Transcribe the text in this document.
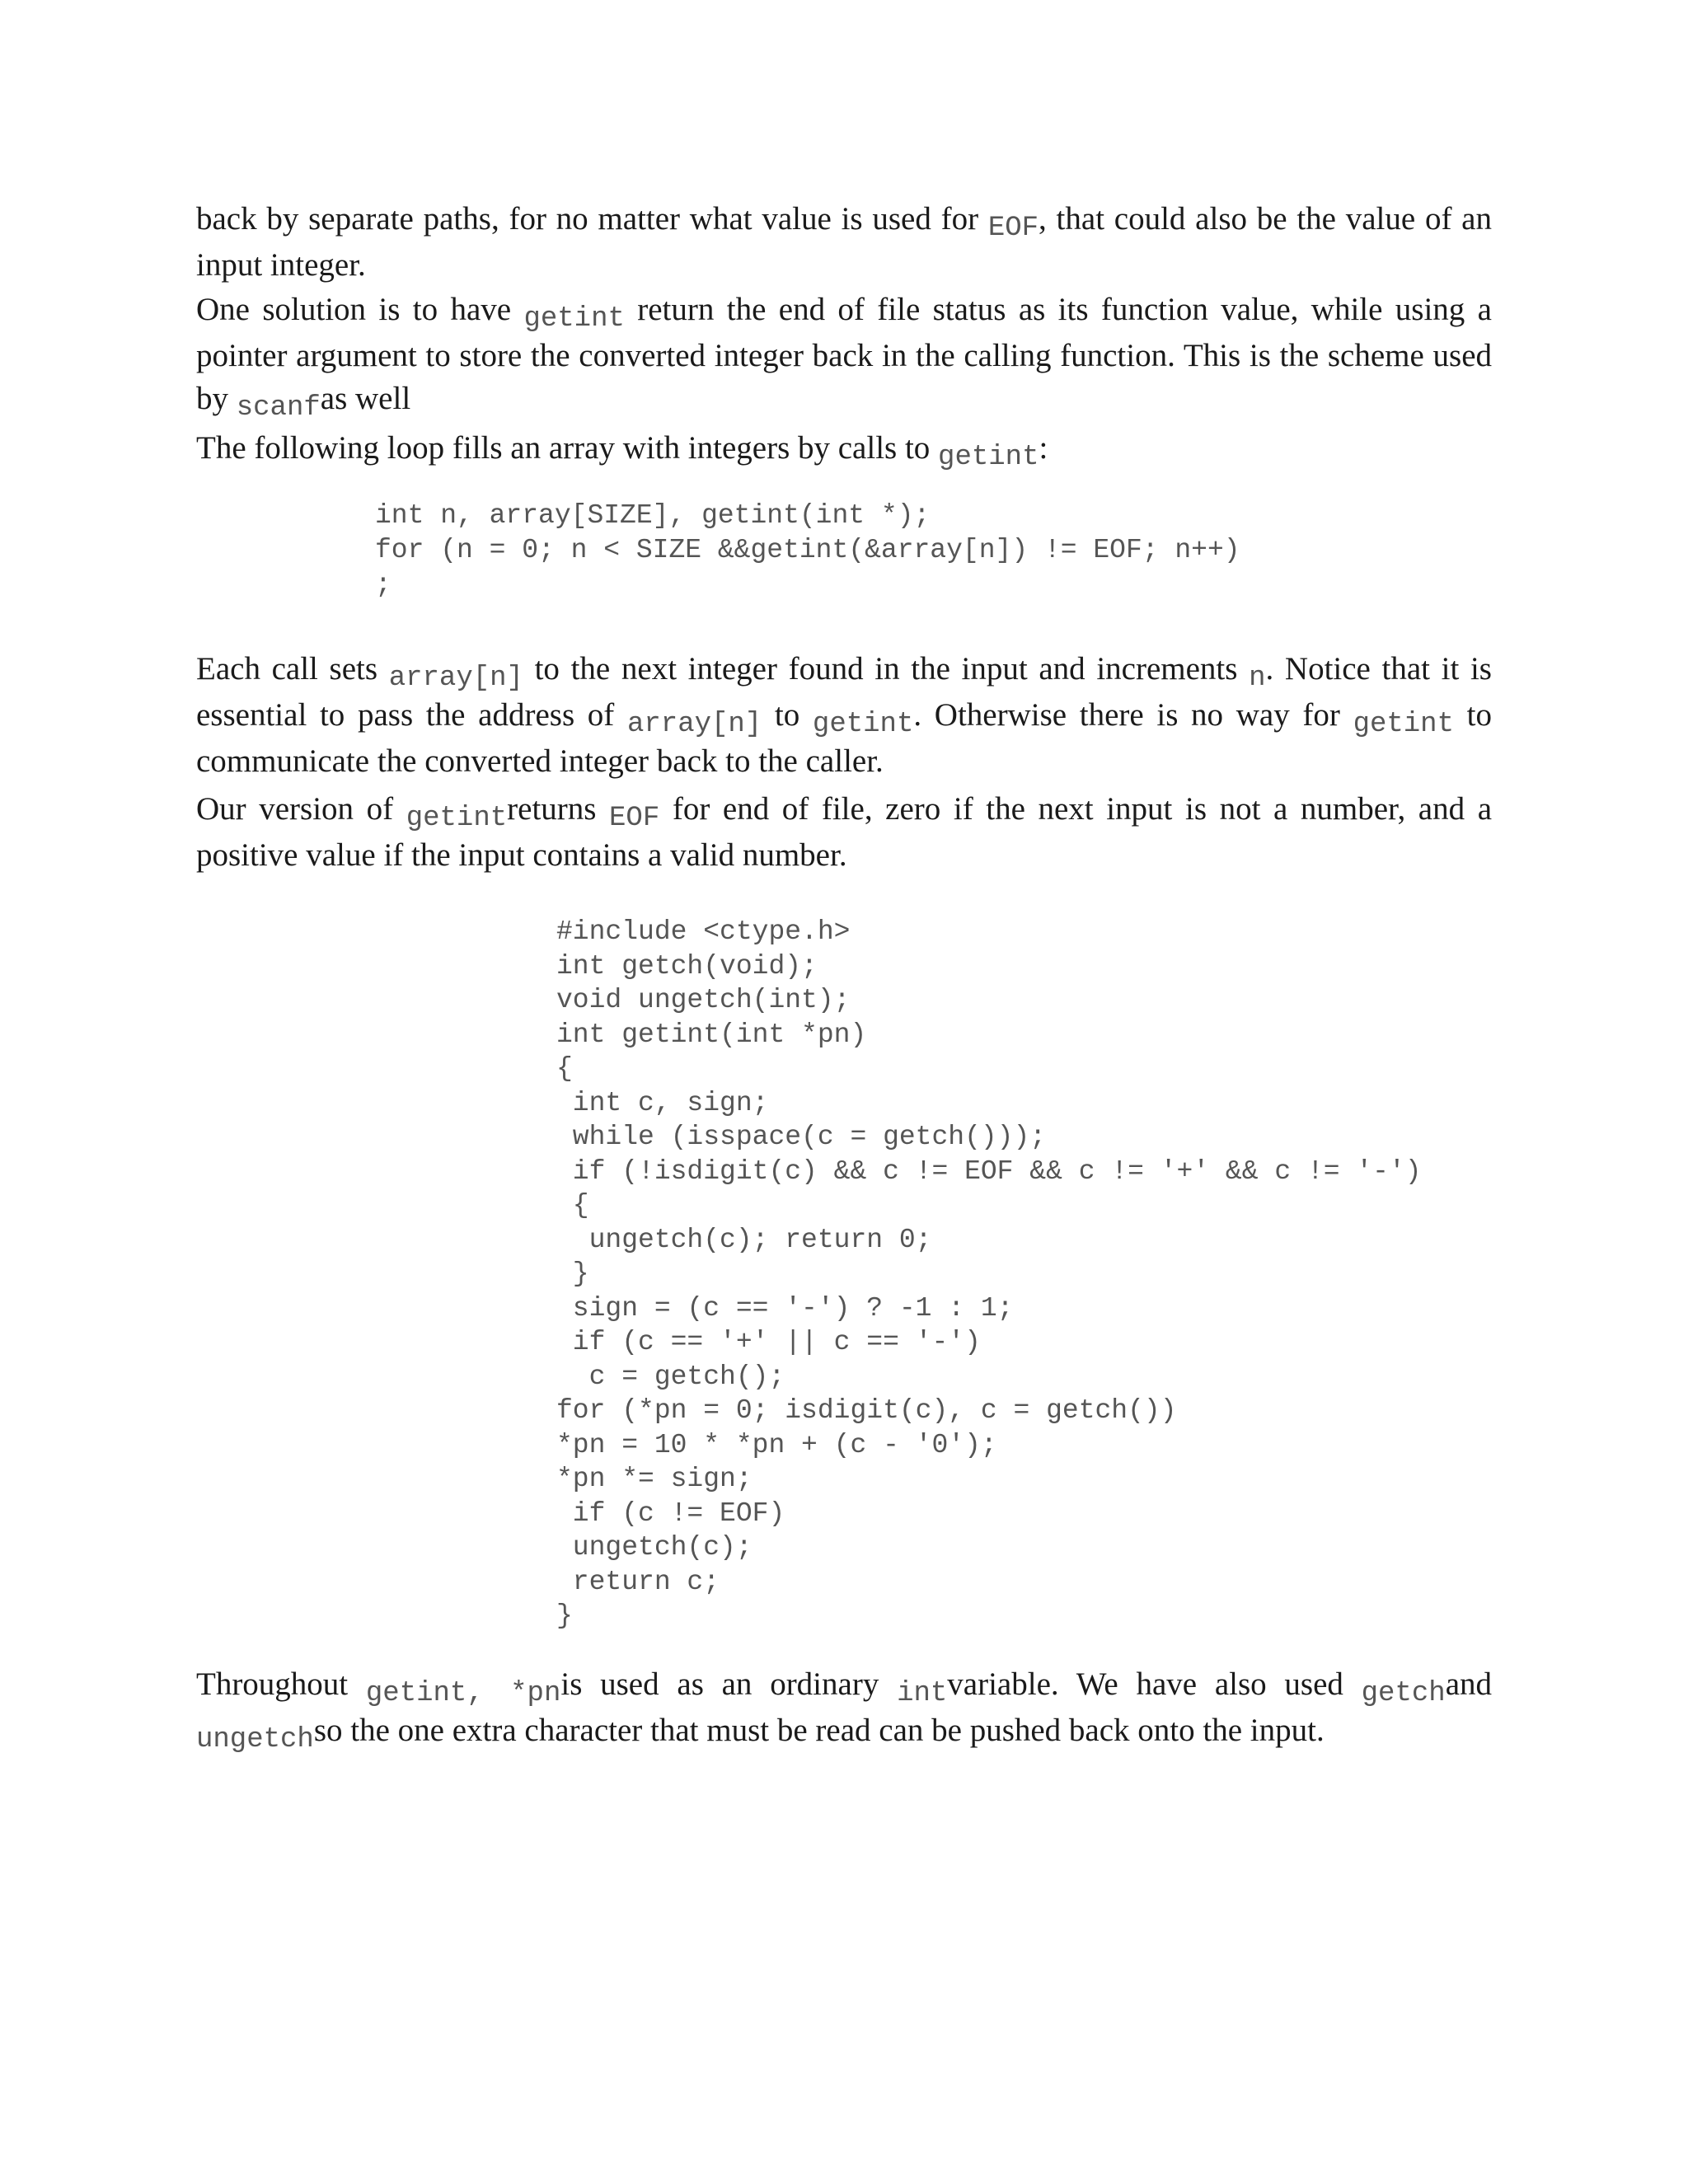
back by separate paths, for no matter what value is used for EOF, that could also be the value of an input integer.

One solution is to have getint return the end of file status as its function value, while using a pointer argument to store the converted integer back in the calling function. This is the scheme used by scanfas well

The following loop fills an array with integers by calls to getint:

int n, array[SIZE], getint(int *);
for (n = 0; n < SIZE &&getint(&array[n]) != EOF; n++)
;

Each call sets array[n] to the next integer found in the input and increments n. Notice that it is essential to pass the address of array[n] to getint. Otherwise there is no way for getint to communicate the converted integer back to the caller.

Our version of getintreturns EOF for end of file, zero if the next input is not a number, and a positive value if the input contains a valid number.

#include <ctype.h>
int getch(void);
void ungetch(int);
int getint(int *pn)
{
int c, sign;
while (isspace(c = getch()));
if (!isdigit(c) && c != EOF && c != '+' && c != '-')
{
ungetch(c); return 0;
}
sign = (c == '-') ? -1 : 1;
if (c == '+' || c == '-')
c = getch();
for (*pn = 0; isdigit(c), c = getch())
*pn = 10 * *pn + (c - '0');
*pn *= sign;
if (c != EOF)
ungetch(c);
return c;
}

Throughout getint, *pnis used as an ordinary intvariable. We have also used getchand ungetchso the one extra character that must be read can be pushed back onto the input.
